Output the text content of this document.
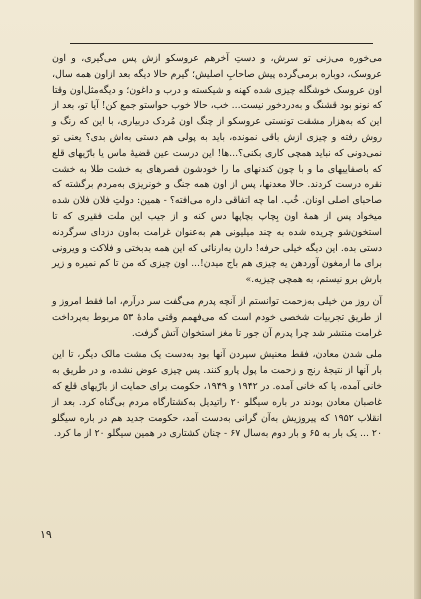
می‌خوره می‌زنی تو سرش، و دستِ آخرهم عروسکو ازش پس می‌گیری، و اون عروسک، دوباره برمی‌گرده پیش صاحابِ اصلیش؛ گیرم حالا دیگه بعد ازاون همه سال، اون عروسک خوشگله چیزی شده کهنه و شیکسته و درب و داغون؛ و دیگه‌مثل‌اون وقتا که نونو بود قشنگ و به‌دردخور نیست... خب، حالا خوب حواستو جمع کن! آیا تو، بعد از این که به‌هزار مشقت تونستی عروسکو از چنگ اون مُردک دربیاری، با این که رنگ و روش رفته و چیزی ازش باقی نمونده، باید به پولی هم دستی به‌اش بدی؟ یعنی تو نمی‌دونی که نباید همچی کاری بکنی؟...ها! این درست عین قضیهٔ ماس یا بارّیهای قلع که باصفاییهای ما و با چون کندنهای ما را خودشون قصرهای به خشت طلا به خشت نقره درست کردند. حالا معدنها، پس از اون همه جنگ و خونریزی به‌مردم برگشته که صاحبای اصلی اونان. خُب. اما چه اتفاقی داره می‌افته؟ - همین: دولتِ فلان فلان شده میخواد پس از همهٔ اون بِچاپ بچاپها دس کنه و از جیب این ملت فقیری که تا استخون‌شو چریده شده به چند میلیونی هم به‌عنوان غرامت به‌اون دزدای سرگردنه دستی بده. این دیگه خیلی حرفه! دارن به‌ارنائی که این همه بدبختی و فلاکت و ویرونی برای ما ارمغون آوردهن یه چیزی هم باج میدن!... اون چیزی که من تا کم نمیره و زیر بارش برو نیستم، به همچی چیزیه.»

آن روز من خیلی به‌زحمت توانستم از آنچه پدرم می‌گفت سر درآرم، اما فقط امروز و از طریق تجربیات شخصی خودم است که می‌فهمم وقتی مادهٔ ۵۳ مربوط به‌پرداخت غرامت منتشر شد چرا پدرم آن جور تا مغز استخوان آتش گرفت.

ملی شدن معادن، فقط معنیش سپردن آنها بود به‌دست یک مشت مالک دیگر، تا این بار آنها از نتیجهٔ رنج و زحمت ما پول پارو کنند. پس چیزی عوض نشده، و در طریق به خانی آمده، یا که خانی آمده. در ۱۹۴۲ و ۱۹۴۹، حکومت برای حمایت از بارّیهای قلع که غاصبان معادن بودند در باره سیگلو ۲۰ راتیدیل به‌کشتارگاه مردم بی‌گناه کرد. بعد از انقلاب ۱۹۵۲ که پیروزیش به‌آن گرانی به‌دست آمد، حکومت جدید هم در باره سیگلو ۲۰ ... یک بار به‌ ۶۵ و بار دوم به‌سال ۶۷ - چنان کشتاری در همین سیگلو ۲۰ از ما کرد.

۱۹
